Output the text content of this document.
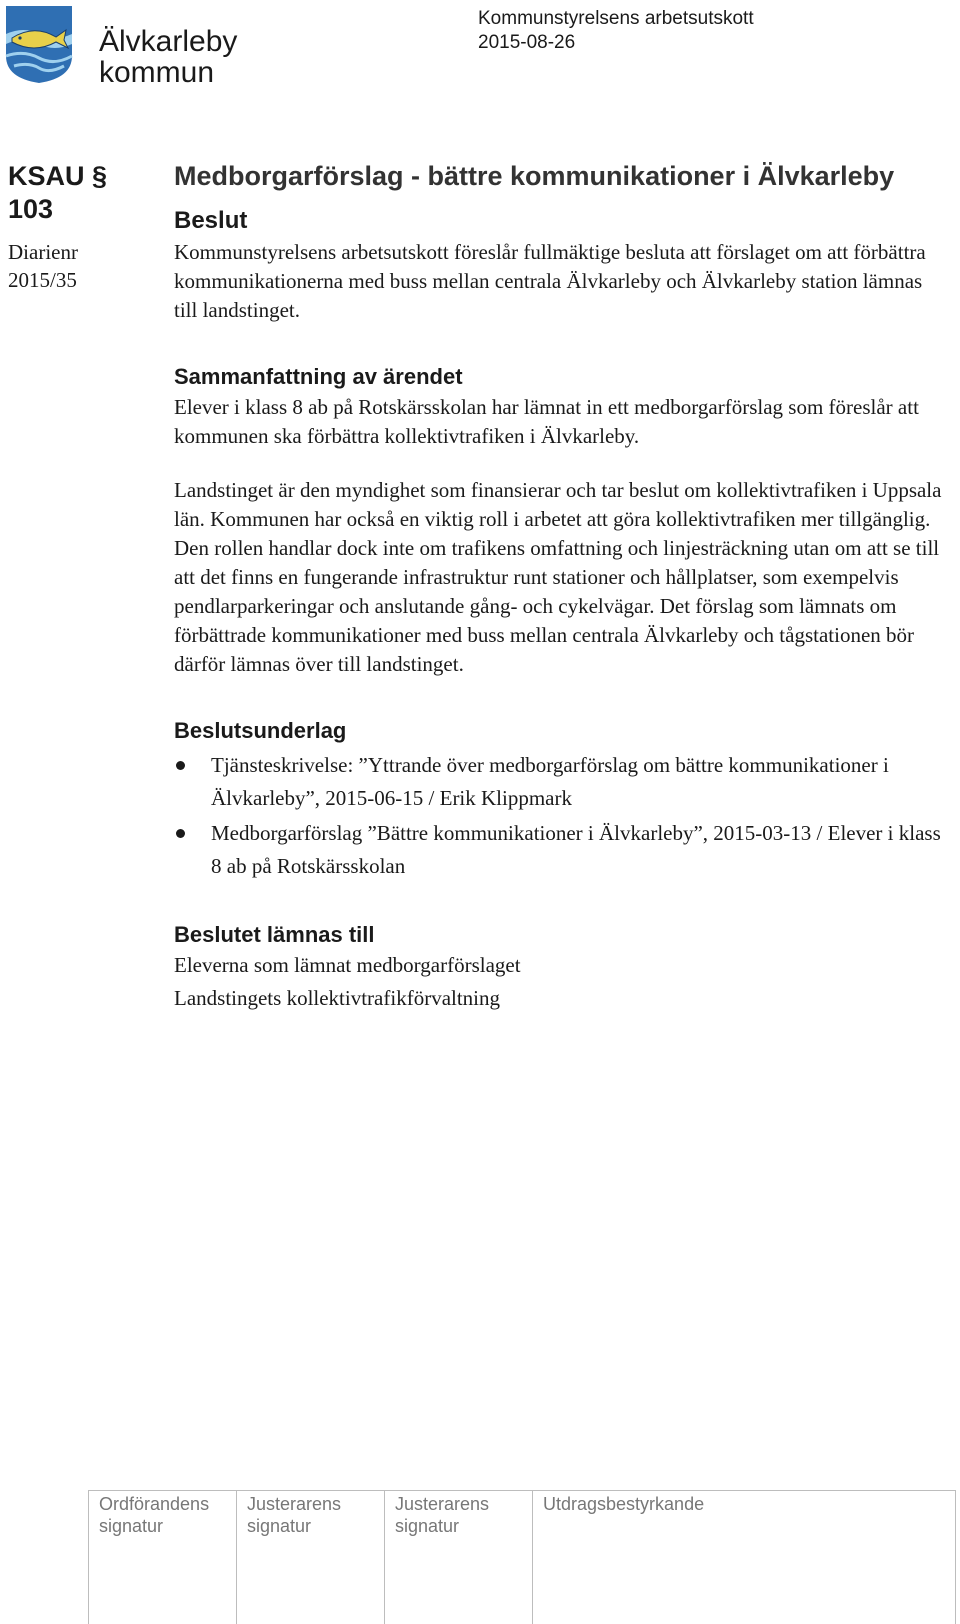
Älvkarleby
kommun
Kommunstyrelsens arbetsutskott
2015-08-26
KSAU § 103
Diarienr
2015/35
Medborgarförslag - bättre kommunikationer i Älvkarleby
Beslut

Kommunstyrelsens arbetsutskott föreslår fullmäktige besluta att förslaget om att förbättra kommunikationerna med buss mellan centrala Älvkarleby och Älvkarleby station lämnas till landstinget.

Sammanfattning av ärendet

Elever i klass 8 ab på Rotskärsskolan har lämnat in ett medborgarförslag som föreslår att kommunen ska förbättra kollektivtrafiken i Älvkarleby.

Landstinget är den myndighet som finansierar och tar beslut om kollektivtrafiken i Uppsala län. Kommunen har också en viktig roll i arbetet att göra kollektivtrafiken mer tillgänglig. Den rollen handlar dock inte om trafikens omfattning och linjesträckning utan om att se till att det finns en fungerande infrastruktur runt stationer och hållplatser, som exempelvis pendlarparkeringar och anslutande gång- och cykelvägar. Det förslag som lämnats om förbättrade kommunikationer med buss mellan centrala Älvkarleby och tågstationen bör därför lämnas över till landstinget.

Beslutsunderlag
Tjänsteskrivelse: ”Yttrande över medborgarförslag om bättre kommunikationer i Älvkarleby”, 2015-06-15 / Erik Klippmark
Medborgarförslag ”Bättre kommunikationer i Älvkarleby”, 2015-03-13 / Elever i klass 8 ab på Rotskärsskolan
Beslutet lämnas till
Eleverna som lämnat medborgarförslaget
Landstingets kollektivtrafikförvaltning
Ordförandens
signatur
Justerarens
signatur
Justerarens
signatur
Utdragsbestyrkande
